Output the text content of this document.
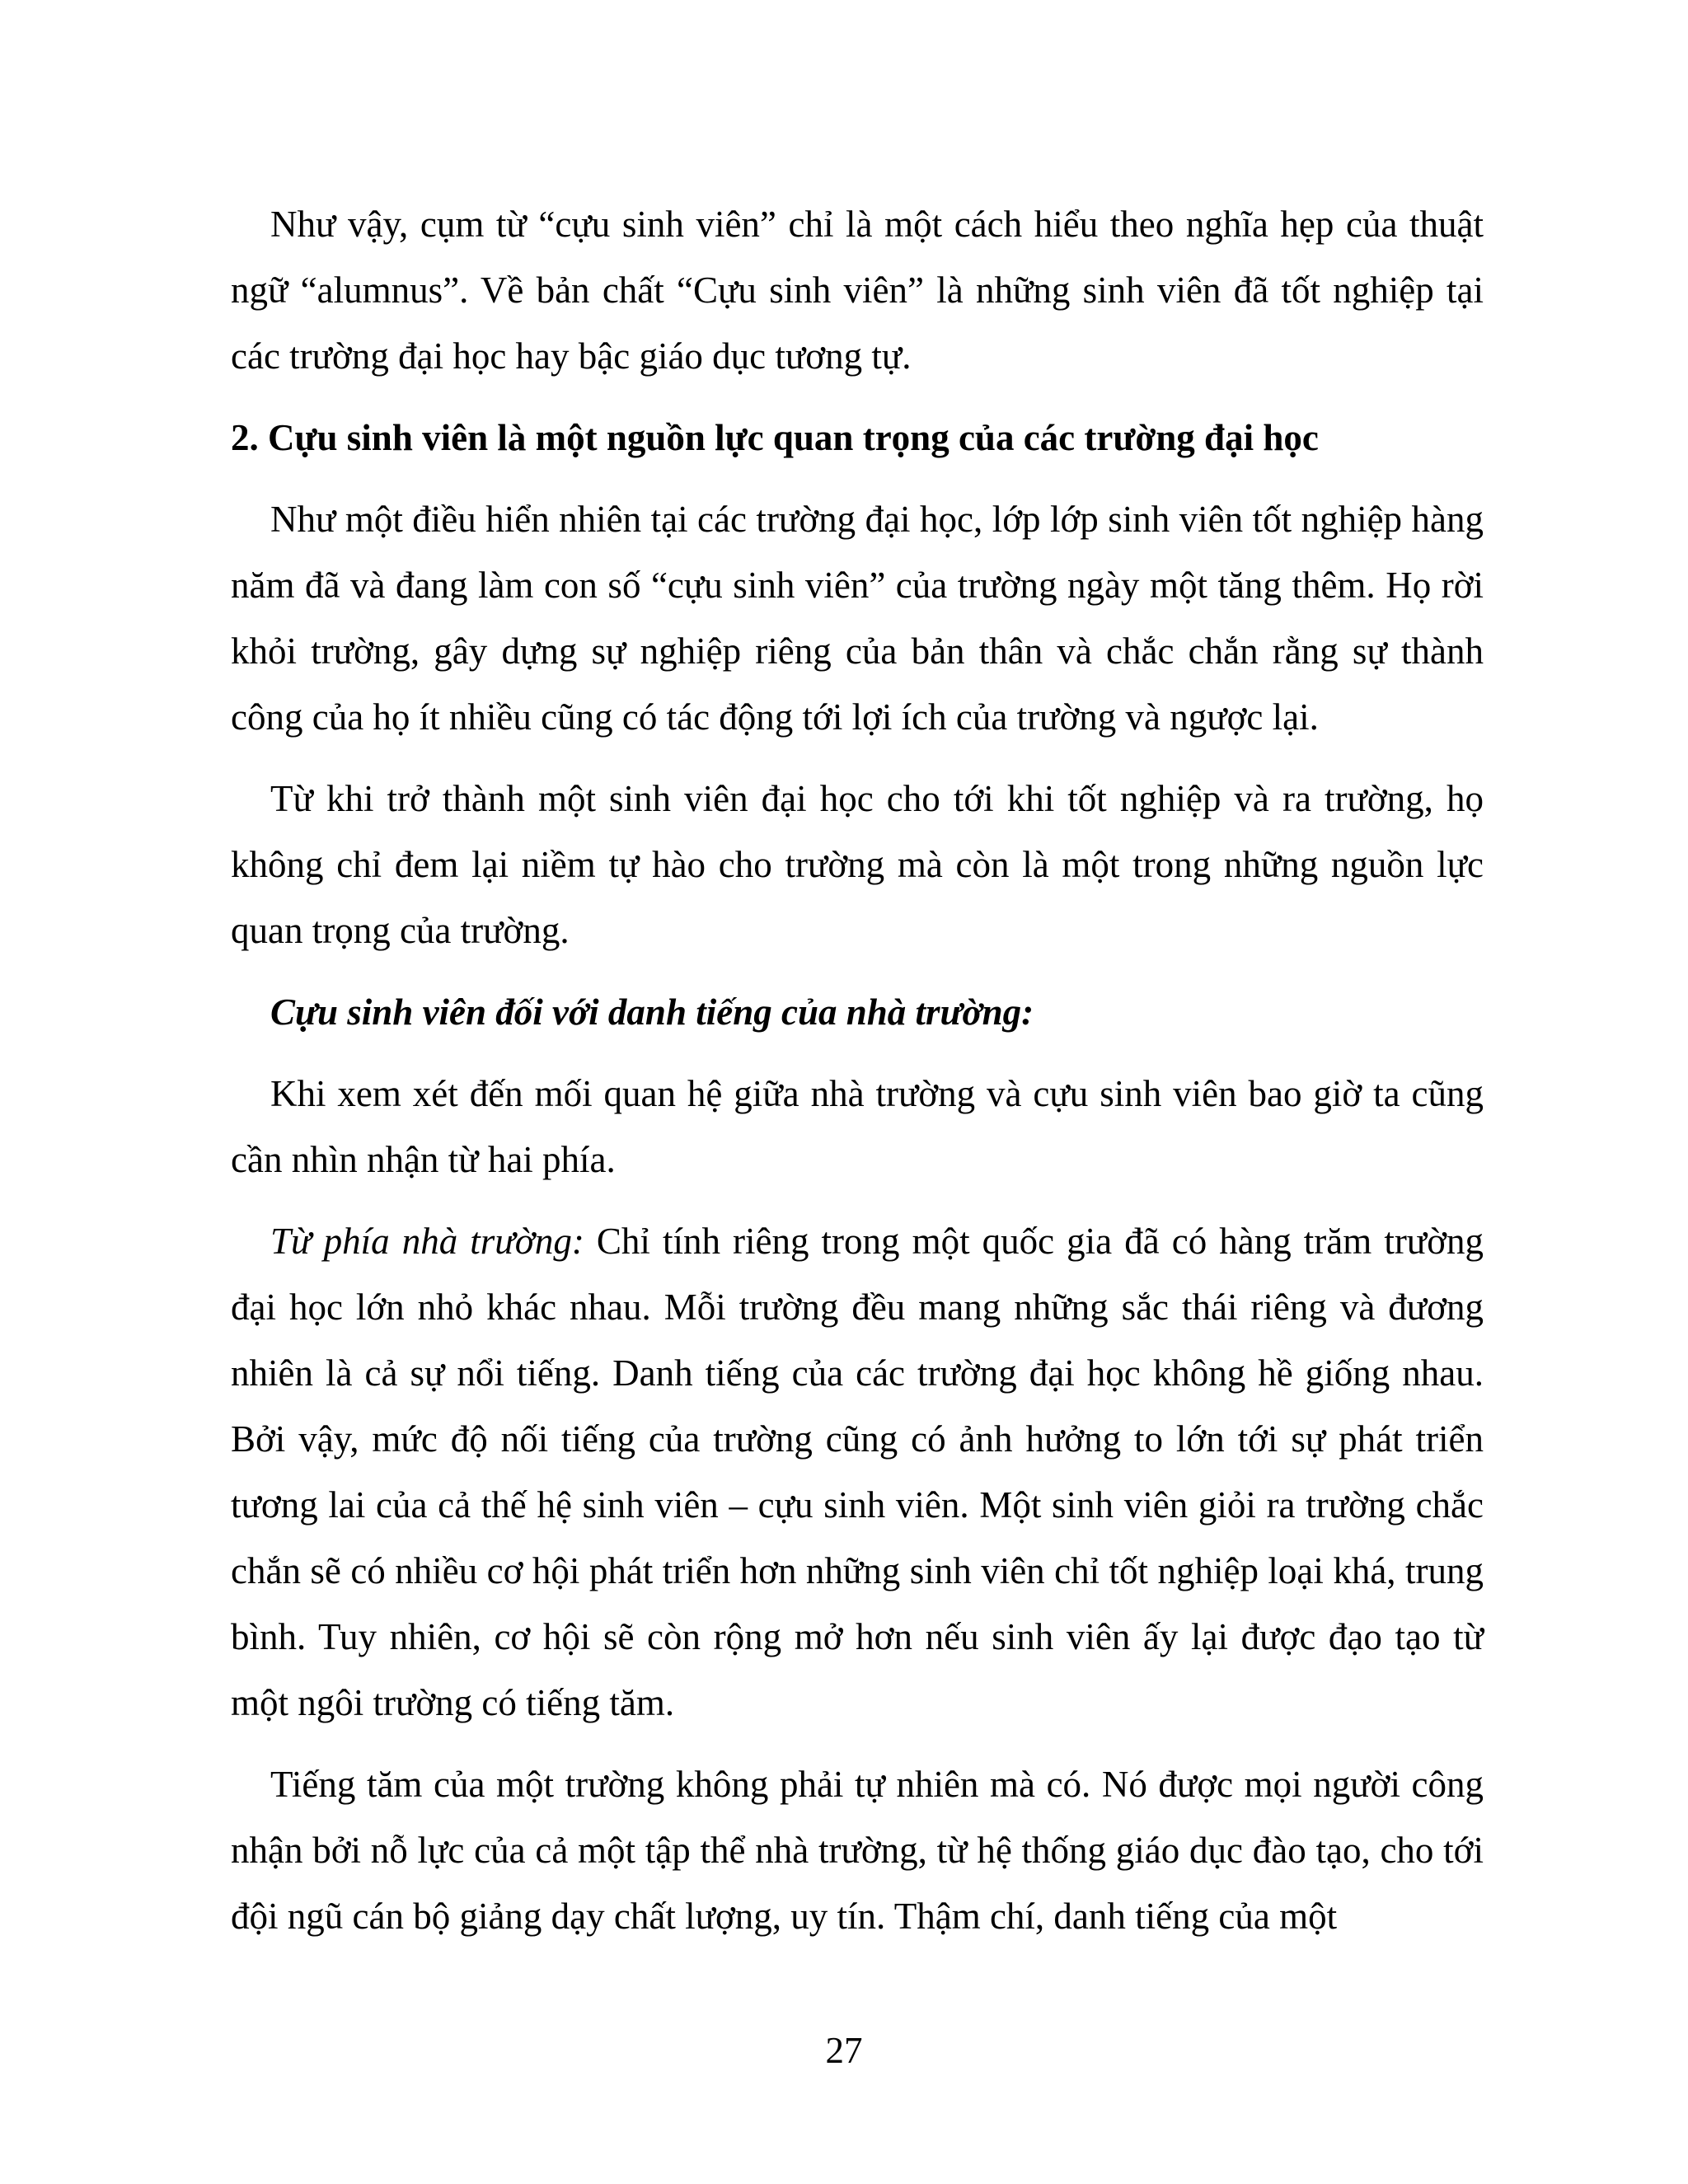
Như vậy, cụm từ “cựu sinh viên” chỉ là một cách hiểu theo nghĩa hẹp của thuật ngữ “alumnus”. Về bản chất “Cựu sinh viên” là những sinh viên đã tốt nghiệp tại các trường đại học hay bậc giáo dục tương tự.

2. Cựu sinh viên là một nguồn lực quan trọng của các trường đại học

Như một điều hiển nhiên tại các trường đại học, lớp lớp sinh viên tốt nghiệp hàng năm đã và đang làm con số “cựu sinh viên” của trường ngày một tăng thêm. Họ rời khỏi trường, gây dựng sự nghiệp riêng của bản thân và chắc chắn rằng sự thành công của họ ít nhiều cũng có tác động tới lợi ích của trường và ngược lại.

Từ khi trở thành một sinh viên đại học cho tới khi tốt nghiệp và ra trường, họ không chỉ đem lại niềm tự hào cho trường mà còn là một trong những nguồn lực quan trọng của trường.

Cựu sinh viên đối với danh tiếng của nhà trường:

Khi xem xét đến mối quan hệ giữa nhà trường và cựu sinh viên bao giờ ta cũng cần nhìn nhận từ hai phía.

Từ phía nhà trường: Chỉ tính riêng trong một quốc gia đã có hàng trăm trường đại học lớn nhỏ khác nhau. Mỗi trường đều mang những sắc thái riêng và đương nhiên là cả sự nổi tiếng. Danh tiếng của các trường đại học không hề giống nhau. Bởi vậy, mức độ nối tiếng của trường cũng có ảnh hưởng to lớn tới sự phát triển tương lai của cả thế hệ sinh viên – cựu sinh viên. Một sinh viên giỏi ra trường chắc chắn sẽ có nhiều cơ hội phát triển hơn những sinh viên chỉ tốt nghiệp loại khá, trung bình. Tuy nhiên, cơ hội sẽ còn rộng mở hơn nếu sinh viên ấy lại được đạo tạo từ một ngôi trường có tiếng tăm.

Tiếng tăm của một trường không phải tự nhiên mà có. Nó được mọi người công nhận bởi nỗ lực của cả một tập thể nhà trường, từ hệ thống giáo dục đào tạo, cho tới đội ngũ cán bộ giảng dạy chất lượng, uy tín. Thậm chí, danh tiếng của một

27
